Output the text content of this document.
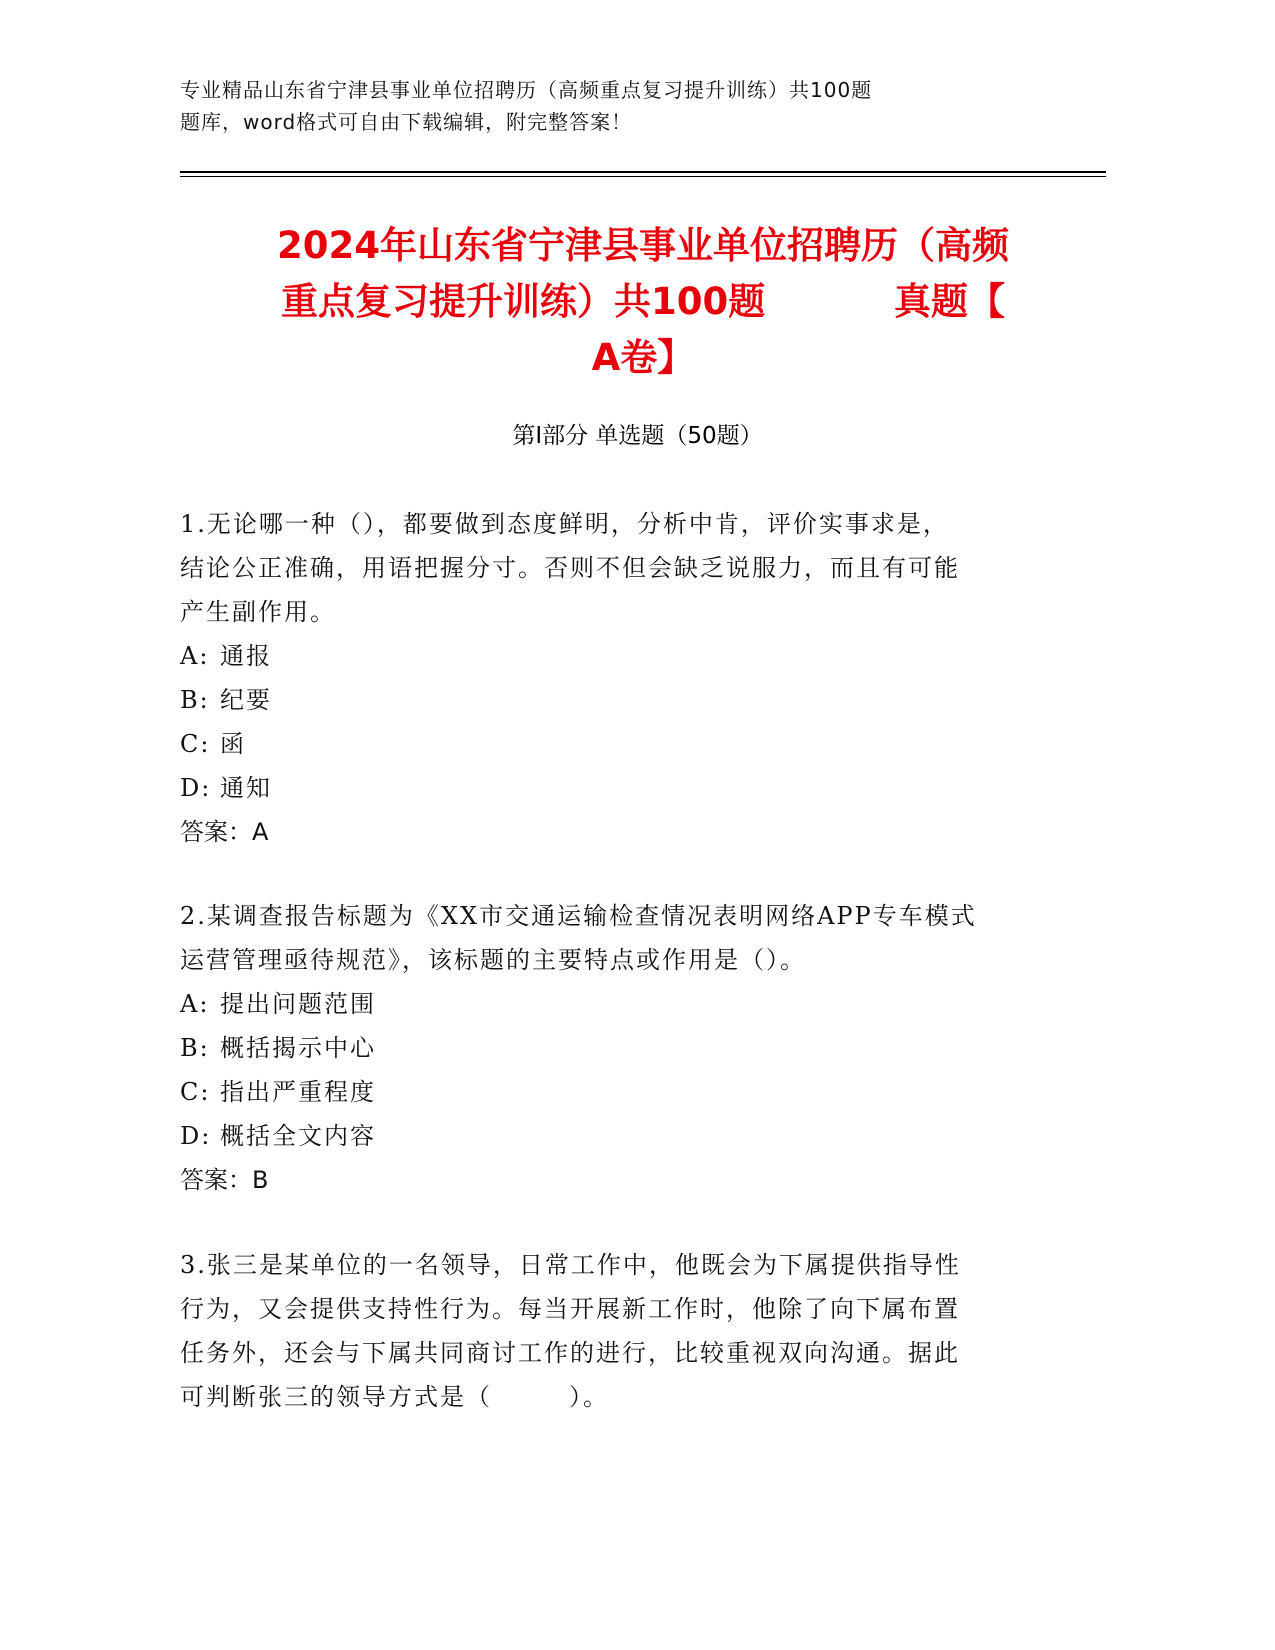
专业精品山东省宁津县事业单位招聘历（高频重点复习提升训练）共100题
题库，word格式可自由下载编辑，附完整答案！
2024年山东省宁津县事业单位招聘历（高频
重点复习提升训练）共100题          真题【
A卷】
第Ⅰ部分 单选题（50题）
1.无论哪一种（），都要做到态度鲜明，分析中肯，评价实事求是，
结论公正准确，用语把握分寸。否则不但会缺乏说服力，而且有可能
产生副作用。
A: 通报
B: 纪要
C: 函
D: 通知
答案：A
2.某调查报告标题为《XX市交通运输检查情况表明网络APP专车模式
运营管理亟待规范》，该标题的主要特点或作用是（）。
A: 提出问题范围
B: 概括揭示中心
C: 指出严重程度
D: 概括全文内容
答案：B
3.张三是某单位的一名领导，日常工作中，他既会为下属提供指导性
行为，又会提供支持性行为。每当开展新工作时，他除了向下属布置
任务外，还会与下属共同商讨工作的进行，比较重视双向沟通。据此
可判断张三的领导方式是（        ）。
